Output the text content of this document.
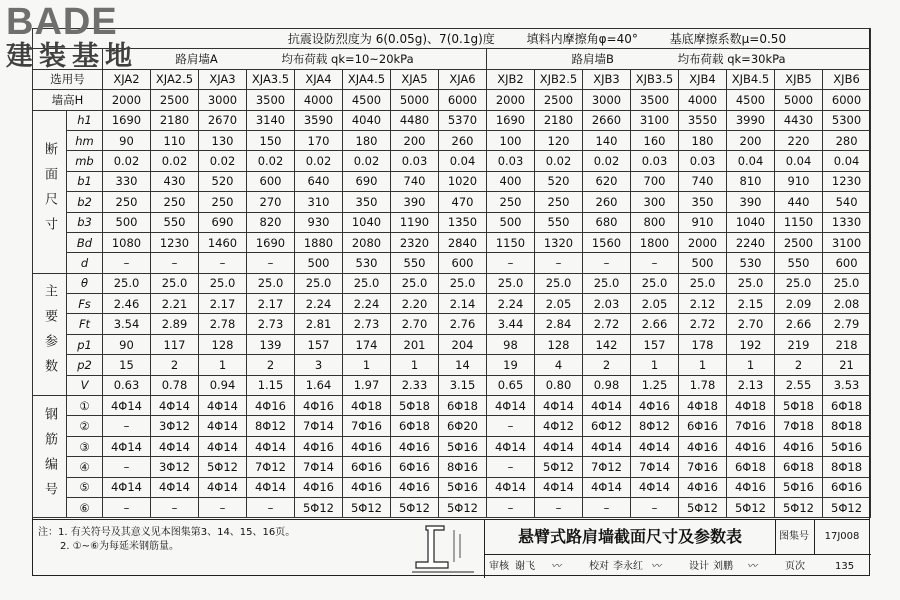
BADE
建装基地
抗震设防烈度为 6(0.05g)、7(0.1g)度 填料内摩擦角φ=40° 基底摩擦系数μ=0.50																	
		路肩墙A 均布荷载 qk=10~20kPa								路肩墙B 均布荷载 qk=30kPa							
选用号		XJA2	XJA2.5	XJA3	XJA3.5	XJA4	XJA4.5	XJA5	XJA6	XJB2	XJB2.5	XJB3	XJB3.5	XJB4	XJB4.5	XJB5	XJB6
墙高H		2000	2500	3000	3500	4000	4500	5000	6000	2000	2500	3000	3500	4000	4500	5000	6000
断面尺寸	h1	1690	2180	2670	3140	3590	4040	4480	5370	1690	2180	2660	3100	3550	3990	4430	5300
	hm	90	110	130	150	170	180	200	260	100	120	140	160	180	200	220	280
	mb	0.02	0.02	0.02	0.02	0.02	0.02	0.03	0.04	0.03	0.02	0.02	0.03	0.03	0.04	0.04	0.04
	b1	330	430	520	600	640	690	740	1020	400	520	620	700	740	810	910	1230
	b2	250	250	250	270	310	350	390	470	250	250	260	300	350	390	440	540
	b3	500	550	690	820	930	1040	1190	1350	500	550	680	800	910	1040	1150	1330
	Bd	1080	1230	1460	1690	1880	2080	2320	2840	1150	1320	1560	1800	2000	2240	2500	3100
	d	–	–	–	–	500	530	550	600	–	–	–	–	500	530	550	600
主要参数	θ	25.0	25.0	25.0	25.0	25.0	25.0	25.0	25.0	25.0	25.0	25.0	25.0	25.0	25.0	25.0	25.0
	Fs	2.46	2.21	2.17	2.17	2.24	2.24	2.20	2.14	2.24	2.05	2.03	2.05	2.12	2.15	2.09	2.08
	Ft	3.54	2.89	2.78	2.73	2.81	2.73	2.70	2.76	3.44	2.84	2.72	2.66	2.72	2.70	2.66	2.79
	p1	90	117	128	139	157	174	201	204	98	128	142	157	178	192	219	218
	p2	15	2	1	2	3	1	1	14	19	4	2	1	1	1	2	21
	V	0.63	0.78	0.94	1.15	1.64	1.97	2.33	3.15	0.65	0.80	0.98	1.25	1.78	2.13	2.55	3.53
钢筋编号	①	4Φ14	4Φ14	4Φ14	4Φ16	4Φ16	4Φ18	5Φ18	6Φ18	4Φ14	4Φ14	4Φ14	4Φ16	4Φ18	4Φ18	5Φ18	6Φ18
	②	–	3Φ12	4Φ14	8Φ12	7Φ14	7Φ16	6Φ18	6Φ20	–	4Φ12	6Φ12	8Φ12	6Φ16	7Φ16	7Φ18	8Φ18
	③	4Φ14	4Φ14	4Φ14	4Φ14	4Φ16	4Φ16	4Φ16	5Φ16	4Φ14	4Φ14	4Φ14	4Φ14	4Φ16	4Φ16	4Φ16	5Φ16
	④	–	3Φ12	5Φ12	7Φ12	7Φ14	6Φ16	6Φ16	8Φ16	–	5Φ12	7Φ12	7Φ14	7Φ16	6Φ18	6Φ18	8Φ18
	⑤	4Φ14	4Φ14	4Φ14	4Φ14	4Φ16	4Φ16	4Φ16	5Φ16	4Φ14	4Φ14	4Φ14	4Φ14	4Φ16	4Φ16	5Φ16	6Φ16
	⑥	–	–	–	–	5Φ12	5Φ12	5Φ12	5Φ12	–	–	–	–	5Φ12	5Φ12	5Φ12	5Φ12
注：1. 有关符号及其意义见本图集第3、14、15、16页。
2. ①~⑥为每延米钢筋量。
悬臂式路肩墙截面尺寸及参数表	图集号	17J008
审核 谢飞 〰	校对 李永红 〰	设计 刘鹏 〰	页次	135
